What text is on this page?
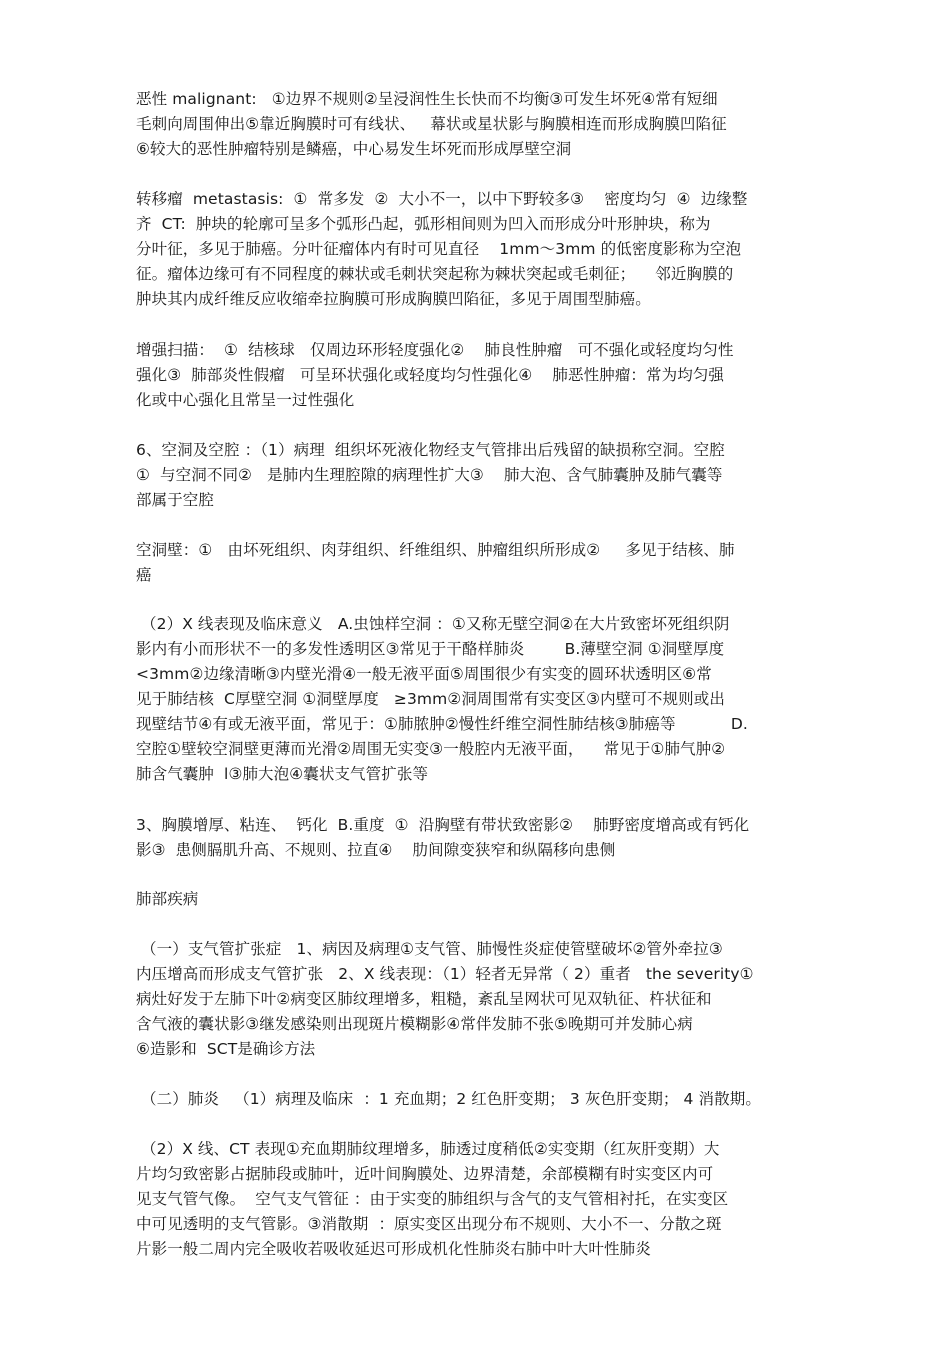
恶性 malignant:   ①边界不规则②呈浸润性生长快而不均衡③可发生坏死④常有短细
毛刺向周围伸出⑤靠近胸膜时可有线状、   幕状或星状影与胸膜相连而形成胸膜凹陷征
⑥较大的恶性肿瘤特别是鳞癌，中心易发生坏死而形成厚壁空洞
转移瘤  metastasis:  ①  常多发  ②  大小不一，以中下野较多③    密度均匀  ④  边缘整
齐  CT:  肿块的轮廓可呈多个弧形凸起，弧形相间则为凹入而形成分叶形肿块，称为
分叶征，多见于肺癌。分叶征瘤体内有时可见直径    1mm～3mm 的低密度影称为空泡
征。瘤体边缘可有不同程度的棘状或毛刺状突起称为棘状突起或毛刺征；    邻近胸膜的
肿块其内成纤维反应收缩牵拉胸膜可形成胸膜凹陷征，多见于周围型肺癌。
增强扫描：  ①  结核球   仅周边环形轻度强化②    肺良性肿瘤   可不强化或轻度均匀性
强化③  肺部炎性假瘤   可呈环状强化或轻度均匀性强化④    肺恶性肿瘤：常为均匀强
化或中心强化且常呈一过性强化
6、空洞及空腔 ：（1）病理  组织坏死液化物经支气管排出后残留的缺损称空洞。空腔
①  与空洞不同②   是肺内生理腔隙的病理性扩大③    肺大泡、含气肺囊肿及肺气囊等
部属于空腔
空洞壁：①   由坏死组织、肉芽组织、纤维组织、肿瘤组织所形成②     多见于结核、肺
癌
（2）X 线表现及临床意义   A.虫蚀样空洞 ：①又称无壁空洞②在大片致密坏死组织阴
影内有小而形状不一的多发性透明区③常见于干酪样肺炎        B.薄壁空洞 ①洞壁厚度
<3mm②边缘清晰③内壁光滑④一般无液平面⑤周围很少有实变的圆环状透明区⑥常
见于肺结核  C厚壁空洞 ①洞壁厚度   ≥3mm②洞周围常有实变区③内壁可不规则或出
现壁结节④有或无液平面，常见于：①肺脓肿②慢性纤维空洞性肺结核③肺癌等           D.
空腔①壁较空洞壁更薄而光滑②周围无实变③一般腔内无液平面，    常见于①肺气肿②
肺含气囊肿  l③肺大泡④囊状支气管扩张等
3、胸膜增厚、粘连、  钙化  B.重度  ①  沿胸壁有带状致密影②    肺野密度增高或有钙化
影③  患侧膈肌升高、不规则、拉直④    肋间隙变狭窄和纵隔移向患侧
肺部疾病
（一）支气管扩张症   1、病因及病理①支气管、肺慢性炎症使管壁破坏②管外牵拉③
内压增高而形成支气管扩张   2、X 线表现：（1）轻者无异常（ 2）重者   the severity①
病灶好发于左肺下叶②病变区肺纹理增多，粗糙，紊乱呈网状可见双轨征、杵状征和
含气液的囊状影③继发感染则出现斑片模糊影④常伴发肺不张⑤晚期可并发肺心病
⑥造影和  SCT是确诊方法
（二）肺炎   （1）病理及临床  ：1 充血期；2 红色肝变期； 3 灰色肝变期； 4 消散期。
（2）X 线、CT 表现①充血期肺纹理增多，肺透过度稍低②实变期（红灰肝变期）大
片均匀致密影占据肺段或肺叶，近叶间胸膜处、边界清楚，余部模糊有时实变区内可
见支气管气像。  空气支气管征 ：由于实变的肺组织与含气的支气管相衬托，在实变区
中可见透明的支气管影。③消散期  ：原实变区出现分布不规则、大小不一、分散之斑
片影一般二周内完全吸收若吸收延迟可形成机化性肺炎右肺中叶大叶性肺炎
